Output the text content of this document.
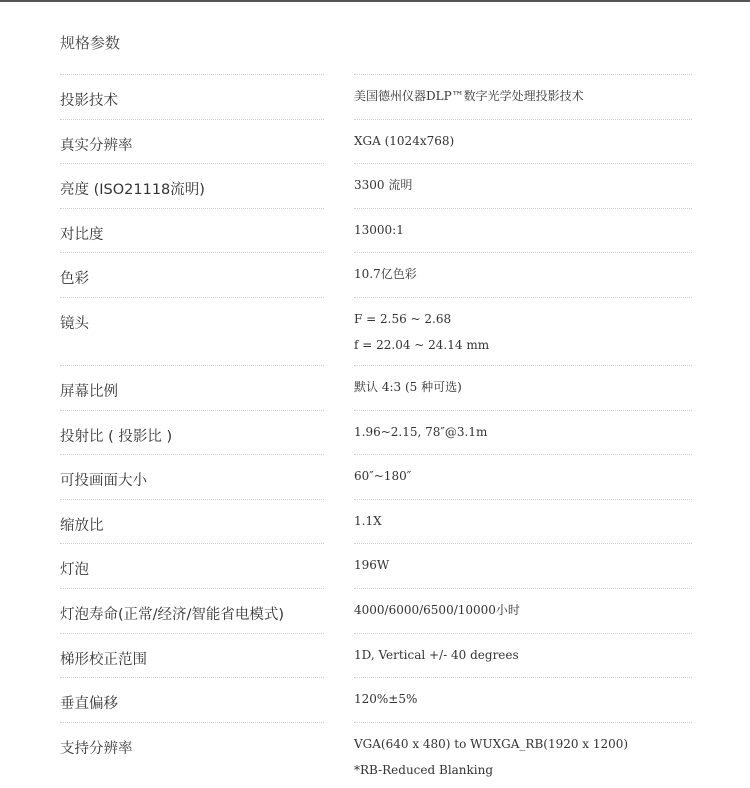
规格参数
投影技术	美国德州仪器DLP™数字光学处理投影技术
真实分辨率	XGA (1024x768)
亮度 (ISO21118流明)	3300 流明
对比度	13000:1
色彩	10.7亿色彩
镜头	F = 2.56 ~ 2.68
f = 22.04 ~ 24.14 mm
屏幕比例	默认 4:3 (5 种可选)
投射比 ( 投影比 )	1.96~2.15, 78″@3.1m
可投画面大小	60″~180″
缩放比	1.1X
灯泡	196W
灯泡寿命(正常/经济/智能省电模式)	4000/6000/6500/10000小时
梯形校正范围	1D, Vertical +/- 40 degrees
垂直偏移	120%±5%
支持分辨率	VGA(640 x 480) to WUXGA_RB(1920 x 1200)
*RB-Reduced Blanking
